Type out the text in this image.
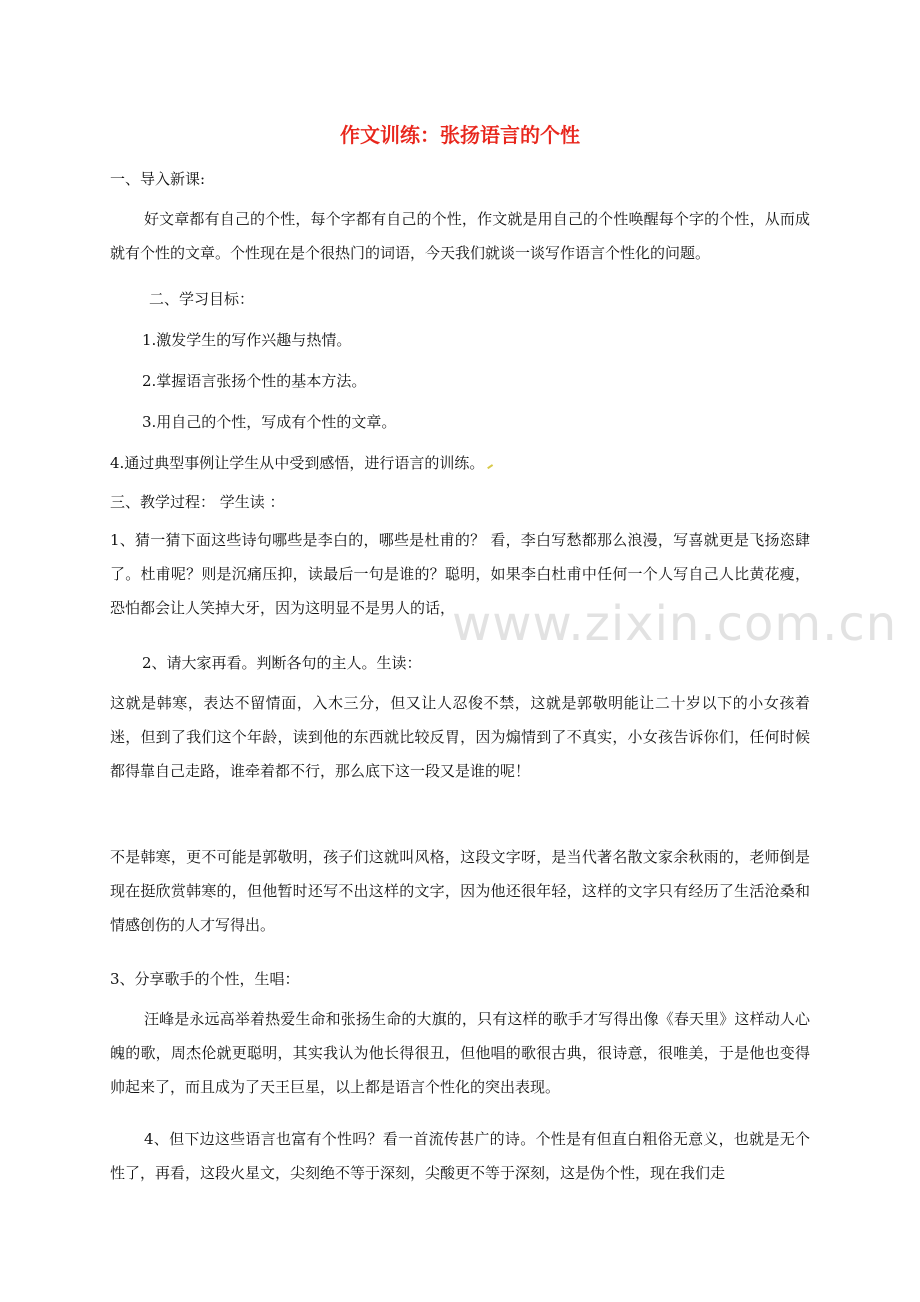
作文训练：张扬语言的个性
一、导入新课:
好文章都有自己的个性，每个字都有自己的个性，作文就是用自己的个性唤醒每个字的个性，从而成就有个性的文章。个性现在是个很热门的词语，今天我们就谈一谈写作语言个性化的问题。
二、学习目标：
1.激发学生的写作兴趣与热情。
2.掌握语言张扬个性的基本方法。
3.用自己的个性，写成有个性的文章。
4.通过典型事例让学生从中受到感悟，进行语言的训练。
三、教学过程： 学生读 ：
1、猜一猜下面这些诗句哪些是李白的，哪些是杜甫的？ 看，李白写愁都那么浪漫，写喜就更是飞扬恣肆了。杜甫呢？则是沉痛压抑，读最后一句是谁的？聪明，如果李白杜甫中任何一个人写自己人比黄花瘦，恐怕都会让人笑掉大牙，因为这明显不是男人的话，
2、请大家再看。判断各句的主人。生读：
这就是韩寒，表达不留情面，入木三分，但又让人忍俊不禁，这就是郭敬明能让二十岁以下的小女孩着迷，但到了我们这个年龄，读到他的东西就比较反胃，因为煽情到了不真实，小女孩告诉你们，任何时候都得靠自己走路，谁牵着都不行，那么底下这一段又是谁的呢！
不是韩寒，更不可能是郭敬明，孩子们这就叫风格，这段文字呀，是当代著名散文家余秋雨的，老师倒是现在挺欣赏韩寒的，但他暂时还写不出这样的文字，因为他还很年轻，这样的文字只有经历了生活沧桑和情感创伤的人才写得出。
3、分享歌手的个性，生唱：
汪峰是永远高举着热爱生命和张扬生命的大旗的，只有这样的歌手才写得出像《春天里》这样动人心魄的歌，周杰伦就更聪明，其实我认为他长得很丑，但他唱的歌很古典，很诗意，很唯美，于是他也变得帅起来了，而且成为了天王巨星，以上都是语言个性化的突出表现。
4、但下边这些语言也富有个性吗？看一首流传甚广的诗。个性是有但直白粗俗无意义，也就是无个性了，再看，这段火星文，尖刻绝不等于深刻，尖酸更不等于深刻，这是伪个性，现在我们走
www.zixin.com.cn
